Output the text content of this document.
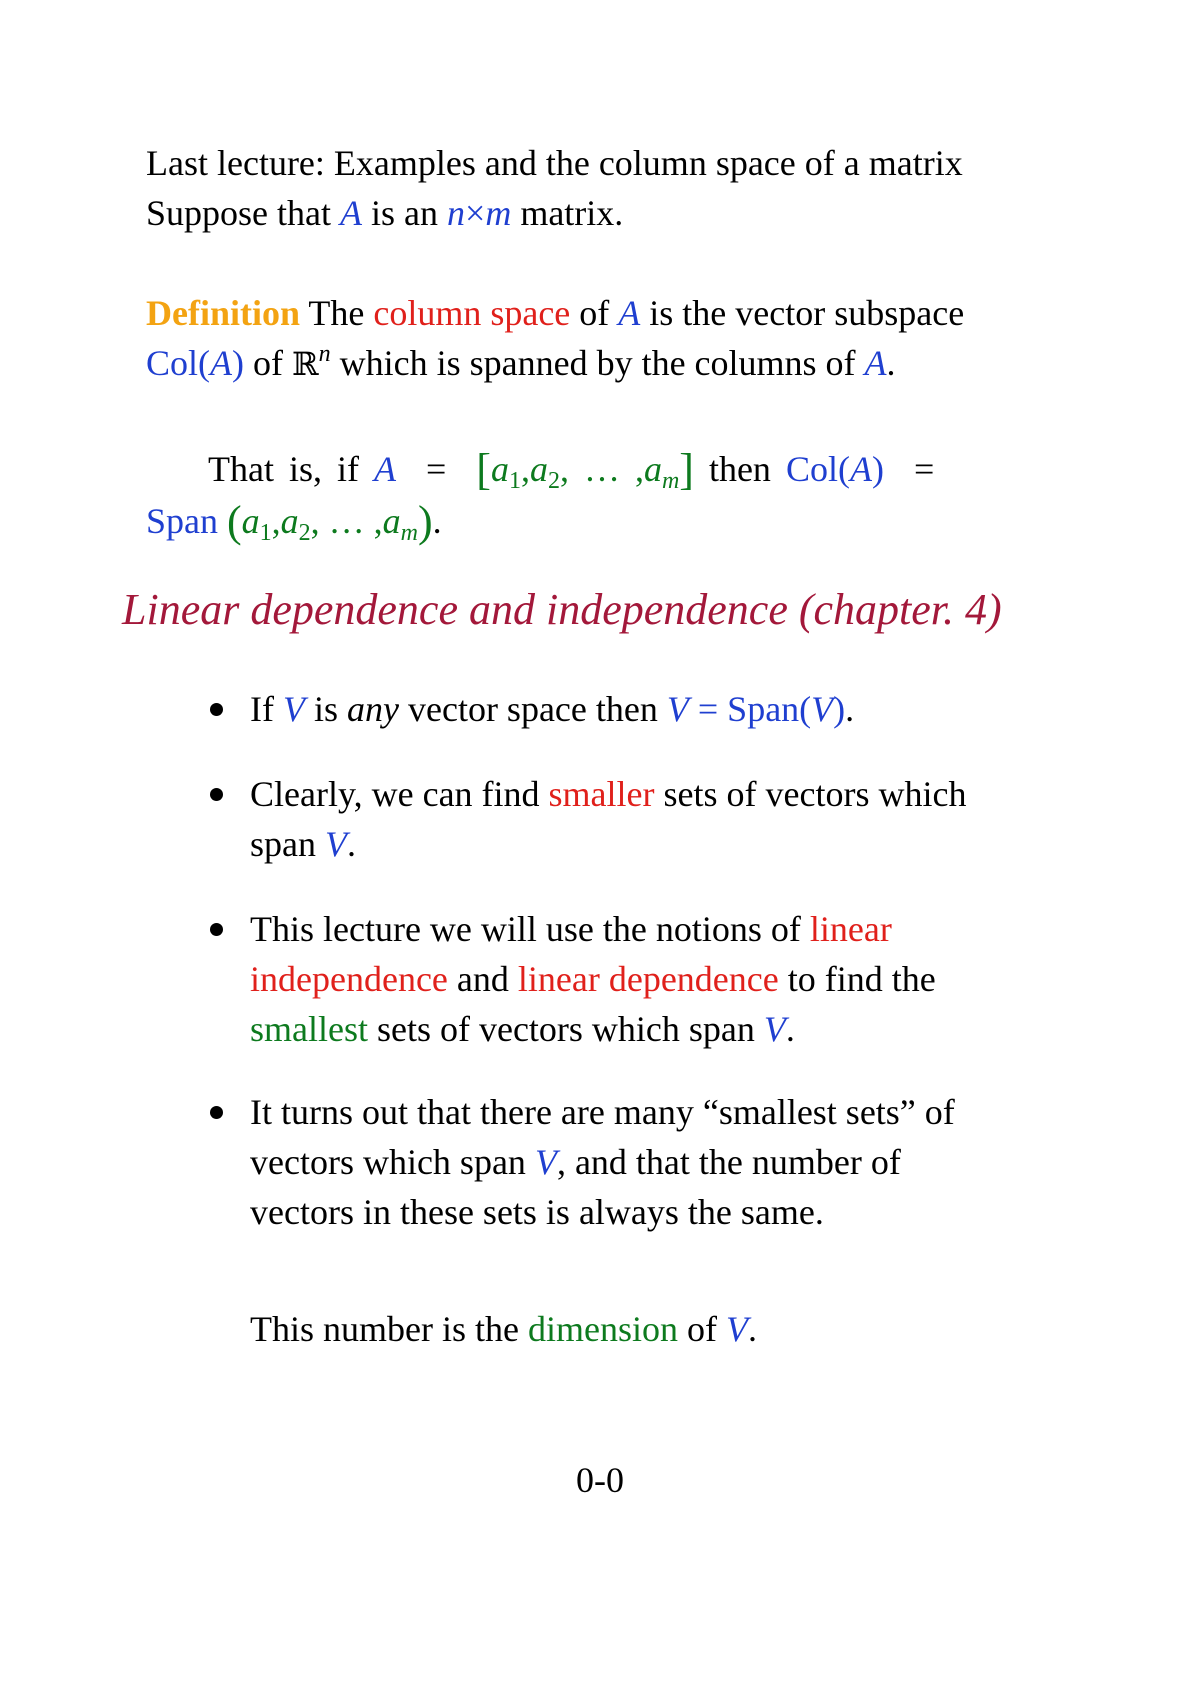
Last lecture: Examples and the column space of a matrix
Suppose that A is an n×m matrix.
Definition The column space of A is the vector subspace
Col(A) of ℝ$^n$ which is spanned by the columns of A.
That is, if $A = [a_1,a_2$, … $,a_m$] then Col(A) =
Span ($a_1,a_2$, … $,a_m$).
Linear dependence and independence (chapter. 4)
If V is any vector space then V = Span(V).
Clearly, we can find smaller sets of vectors which
span V.
This lecture we will use the notions of linear
independence and linear dependence to find the
smallest sets of vectors which span V.
It turns out that there are many “smallest sets” of
vectors which span V, and that the number of
vectors in these sets is always the same.
This number is the dimension of V.
0-0
